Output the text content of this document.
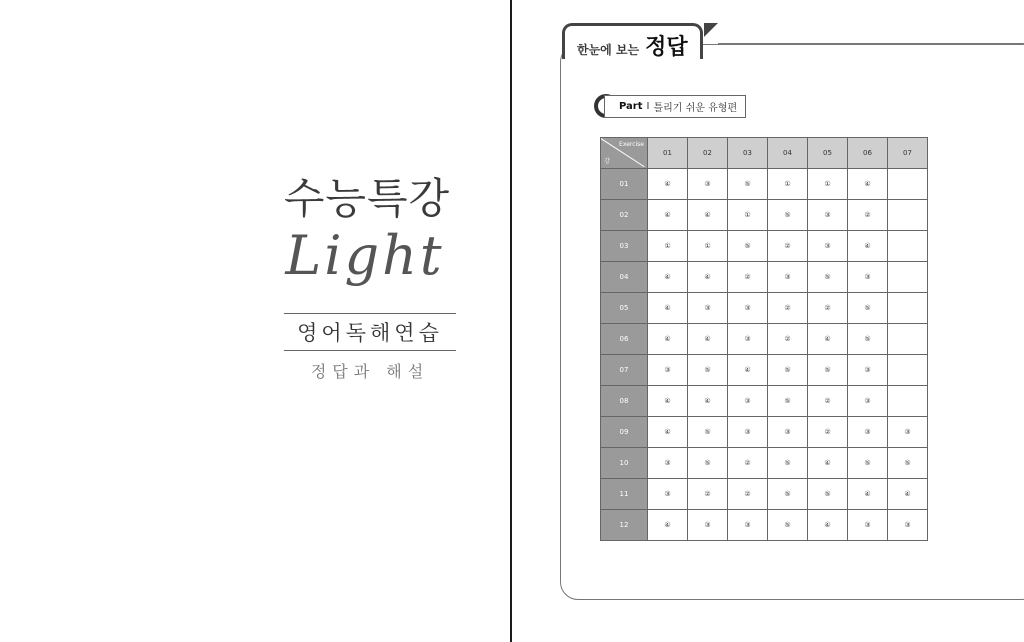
수능특강
Light
영어독해연습
정답과 해설
한눈에 보는 정답
Part Ⅰ 틀리기 쉬운 유형편
Exercise
강	01	02	03	04	05	06	07
01	④	③	⑤	①	①	④	
02	④	④	①	⑤	③	②	
03	①	①	⑤	②	③	④	
04	④	④	②	③	⑤	③	
05	④	③	③	②	②	⑤	
06	④	④	③	②	④	⑤	
07	③	⑤	④	⑤	⑤	③	
08	④	④	③	⑤	②	③	
09	④	⑤	③	③	②	③	③
10	③	⑤	②	⑤	④	⑤	⑤
11	③	②	②	⑤	⑤	④	④
12	④	③	③	⑤	④	③	③
